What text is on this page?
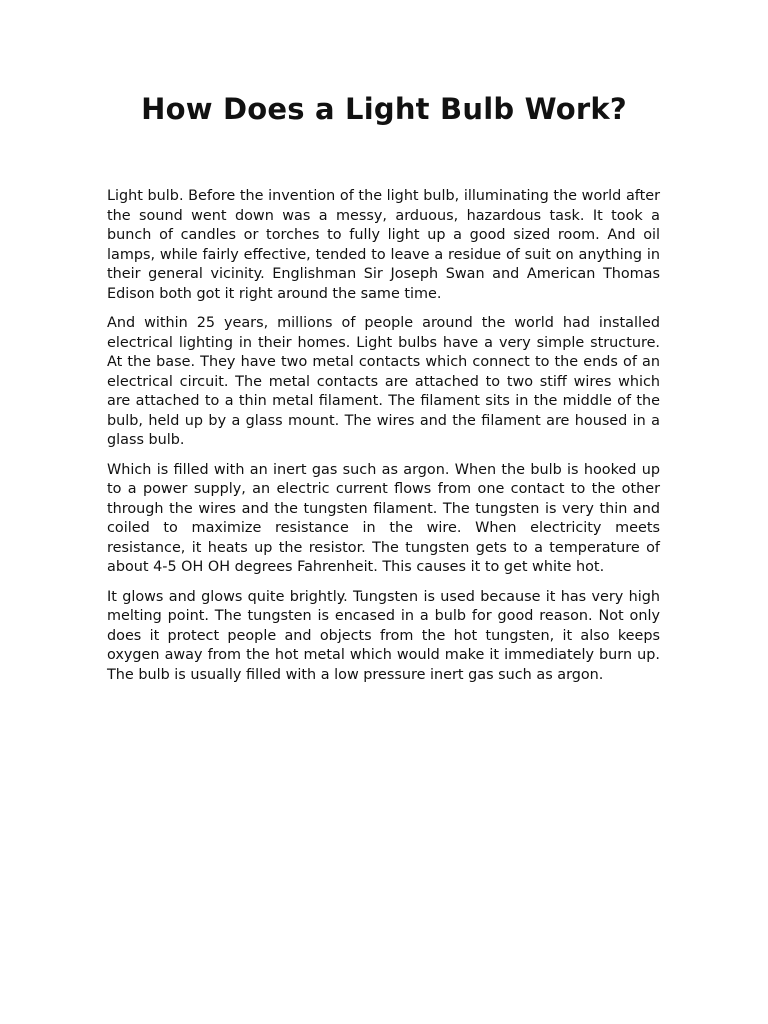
How Does a Light Bulb Work?

Light bulb. Before the invention of the light bulb, illuminating the world after the sound went down was a messy, arduous, hazardous task. It took a bunch of candles or torches to fully light up a good sized room. And oil lamps, while fairly effective, tended to leave a residue of suit on anything in their general vicinity. Englishman Sir Joseph Swan and American Thomas Edison both got it right around the same time.

And within 25 years, millions of people around the world had installed electrical lighting in their homes. Light bulbs have a very simple structure. At the base. They have two metal contacts which connect to the ends of an electrical circuit. The metal contacts are attached to two stiff wires which are attached to a thin metal filament. The filament sits in the middle of the bulb, held up by a glass mount. The wires and the filament are housed in a glass bulb.

Which is filled with an inert gas such as argon. When the bulb is hooked up to a power supply, an electric current flows from one contact to the other through the wires and the tungsten filament. The tungsten is very thin and coiled to maximize resistance in the wire. When electricity meets resistance, it heats up the resistor. The tungsten gets to a temperature of about 4-5 OH OH degrees Fahrenheit. This causes it to get white hot.

It glows and glows quite brightly. Tungsten is used because it has very high melting point. The tungsten is encased in a bulb for good reason. Not only does it protect people and objects from the hot tungsten, it also keeps oxygen away from the hot metal which would make it immediately burn up. The bulb is usually filled with a low pressure inert gas such as argon.
